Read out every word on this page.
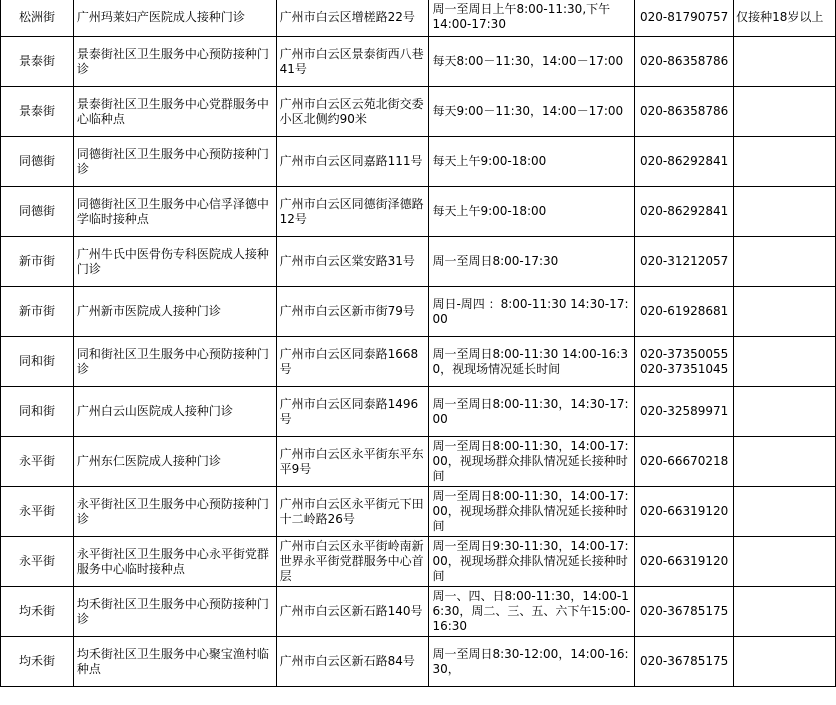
松洲街	广州玛莱妇产医院成人接种门诊	广州市白云区增槎路22号	周一至周日上午8:00-11:30,下午
14:00-17:30	020-81790757	仅接种18岁以上
景泰街	景泰街社区卫生服务中心预防接种门诊	广州市白云区景泰街西八巷41号	每天8:00－11:30，14:00－17:00	020-86358786	
景泰街	景泰街社区卫生服务中心党群服务中心临种点	广州市白云区云苑北街交委小区北侧约90米	每天9:00－11:30，14:00－17:00	020-86358786	
同德街	同德街社区卫生服务中心预防接种门诊	广州市白云区同嘉路111号	每天上午9:00-18:00	020-86292841	
同德街	同德街社区卫生服务中心信孚泽德中学临时接种点	广州市白云区同德街泽德路12号	每天上午9:00-18:00	020-86292841	
新市街	广州牛氏中医骨伤专科医院成人接种门诊	广州市白云区棠安路31号	周一至周日8:00-17:30	020-31212057	
新市街	广州新市医院成人接种门诊	广州市白云区新市街79号	周日-周四 ：8:00-11:30 14:30-17:00	020-61928681	
同和街	同和街社区卫生服务中心预防接种门诊	广州市白云区同泰路1668号	周一至周日8:00-11:30 14:00-16:30，视现场情况延长时间	020-37350055
020-37351045	
同和街	广州白云山医院成人接种门诊	广州市白云区同泰路1496号	周一至周日8:00-11:30，14:30-17:00	020-32589971	
永平街	广州东仁医院成人接种门诊	广州市白云区永平街东平东平9号	周一至周日8:00-11:30，14:00-17:00，视现场群众排队情况延长接种时间	020-66670218	
永平街	永平街社区卫生服务中心预防接种门诊	广州市白云区永平街元下田十二岭路26号	周一至周日8:00-11:30，14:00-17:00，视现场群众排队情况延长接种时间	020-66319120	
永平街	永平街社区卫生服务中心永平街党群服务中心临时接种点	广州市白云区永平街岭南新世界永平街党群服务中心首层	周一至周日9:30-11:30，14:00-17:00，视现场群众排队情况延长接种时间	020-66319120	
均禾街	均禾街社区卫生服务中心预防接种门诊	广州市白云区新石路140号	周一、四、日8:00-11:30，14:00-16:30，周二、三、五、六下午15:00-16:30	020-36785175	
均禾街	均禾街社区卫生服务中心聚宝渔村临种点	广州市白云区新石路84号	周一至周日8:30-12:00，14:00-16:30，	020-36785175	
